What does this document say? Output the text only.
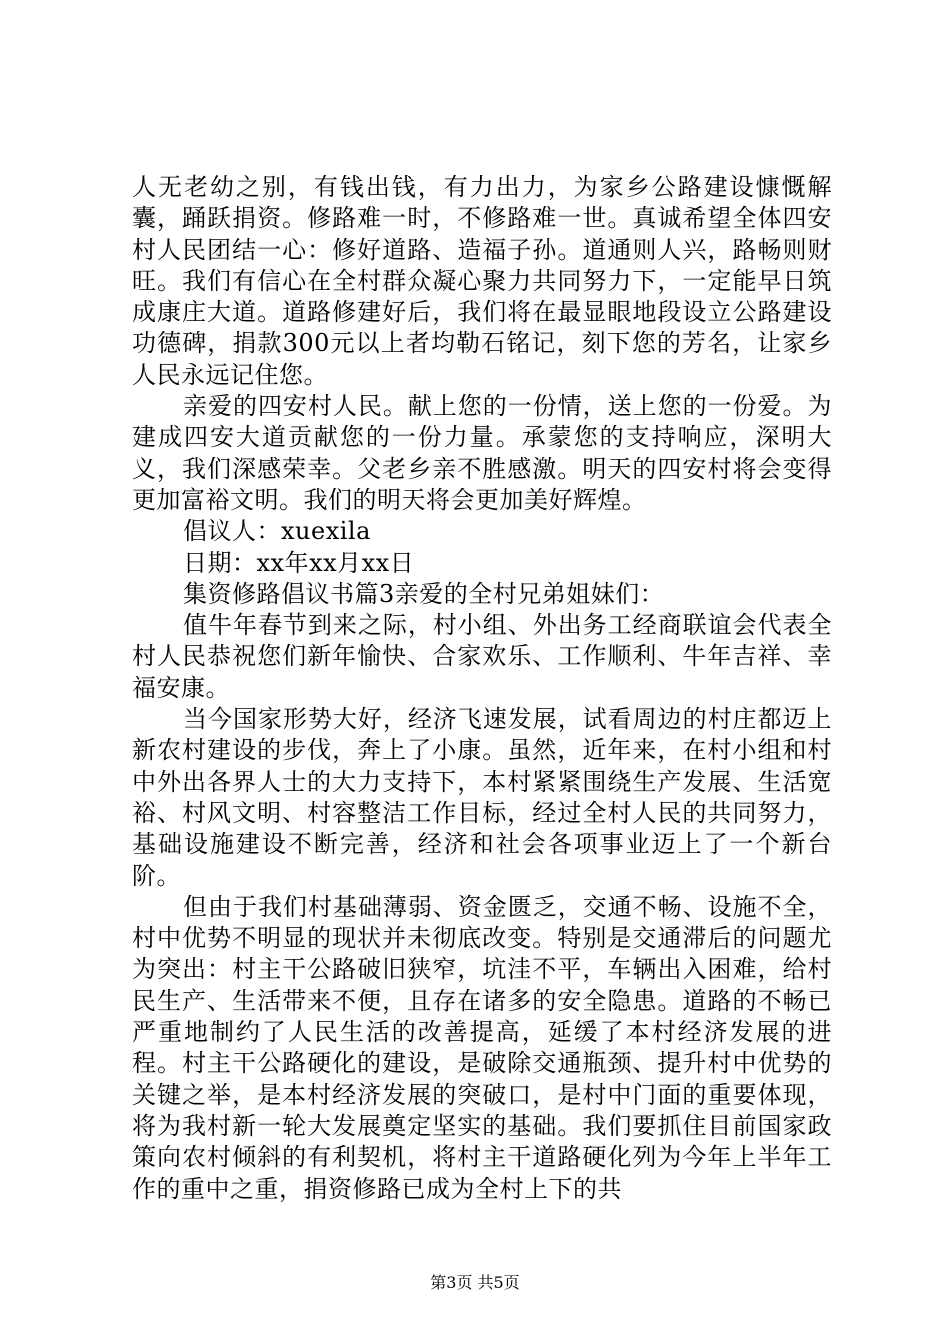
人无老幼之别，有钱出钱，有力出力，为家乡公路建设慷慨解囊，踊跃捐资。修路难一时，不修路难一世。真诚希望全体四安村人民团结一心：修好道路、造福子孙。道通则人兴，路畅则财旺。我们有信心在全村群众凝心聚力共同努力下，一定能早日筑成康庄大道。道路修建好后，我们将在最显眼地段设立公路建设功德碑，捐款300元以上者均勒石铭记，刻下您的芳名，让家乡人民永远记住您。

亲爱的四安村人民。献上您的一份情，送上您的一份爱。为建成四安大道贡献您的一份力量。承蒙您的支持响应，深明大义，我们深感荣幸。父老乡亲不胜感激。明天的四安村将会变得更加富裕文明。我们的明天将会更加美好辉煌。

倡议人：xuexila

日期：xx年xx月xx日

集资修路倡议书篇3亲爱的全村兄弟姐妹们：

值牛年春节到来之际，村小组、外出务工经商联谊会代表全村人民恭祝您们新年愉快、合家欢乐、工作顺利、牛年吉祥、幸福安康。

当今国家形势大好，经济飞速发展，试看周边的村庄都迈上新农村建设的步伐，奔上了小康。虽然，近年来，在村小组和村中外出各界人士的大力支持下，本村紧紧围绕生产发展、生活宽裕、村风文明、村容整洁工作目标，经过全村人民的共同努力，基础设施建设不断完善，经济和社会各项事业迈上了一个新台阶。

但由于我们村基础薄弱、资金匮乏，交通不畅、设施不全，村中优势不明显的现状并未彻底改变。特别是交通滞后的问题尤为突出：村主干公路破旧狭窄，坑洼不平，车辆出入困难，给村民生产、生活带来不便，且存在诸多的安全隐患。道路的不畅已严重地制约了人民生活的改善提高，延缓了本村经济发展的进程。村主干公路硬化的建设，是破除交通瓶颈、提升村中优势的关键之举，是本村经济发展的突破口，是村中门面的重要体现，将为我村新一轮大发展奠定坚实的基础。我们要抓住目前国家政策向农村倾斜的有利契机，将村主干道路硬化列为今年上半年工作的重中之重，捐资修路已成为全村上下的共

第3页 共5页
